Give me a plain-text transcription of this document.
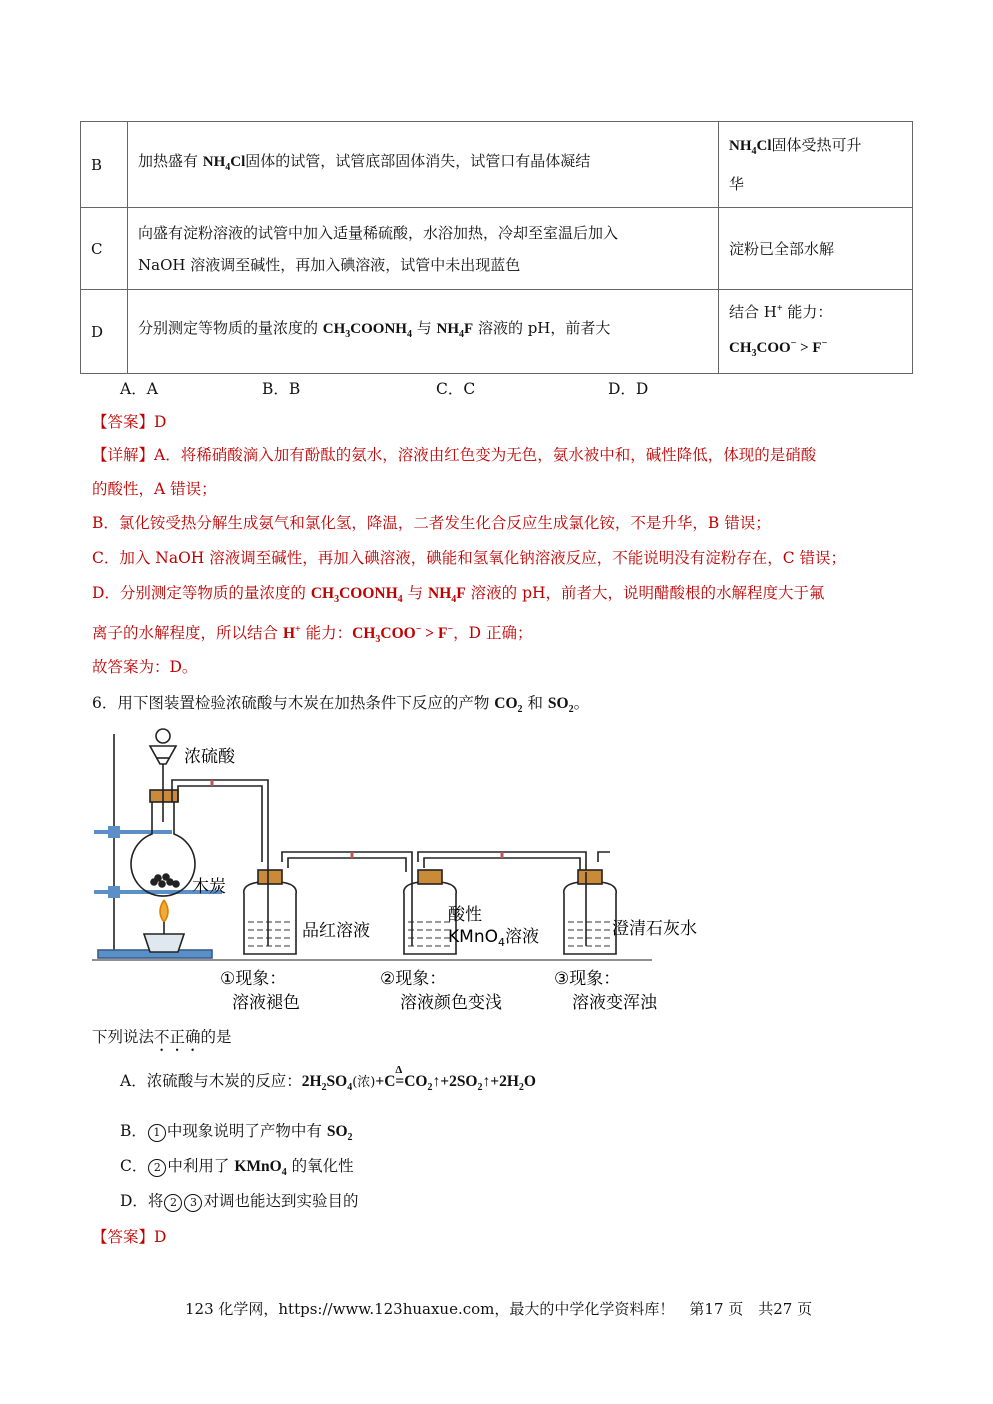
B	加热盛有 $NH_4Cl$固体的试管，试管底部固体消失，试管口有晶体凝结	$NH_4Cl$固体受热可升
华

C	向盛有淀粉溶液的试管中加入适量稀硫酸，水浴加热，冷却至室温后加入
NaOH 溶液调至碱性，再加入碘溶液，试管中未出现蓝色	淀粉已全部水解
D	分别测定等物质的量浓度的 $CH_3COONH_4$ 与 $NH_4F$ 溶液的 pH，前者大	结合 H+ 能力：
$CH_3COO^- > F^-$
A．A	B．B	C．C	D．D
【答案】D
【详解】A．将稀硝酸滴入加有酚酞的氨水，溶液由红色变为无色，氨水被中和，碱性降低，体现的是硝酸
的酸性，A 错误；
B．氯化铵受热分解生成氨气和氯化氢，降温，二者发生化合反应生成氯化铵，不是升华，B 错误；
C．加入 NaOH 溶液调至碱性，再加入碘溶液，碘能和氢氧化钠溶液反应，不能说明没有淀粉存在，C 错误；
D．分别测定等物质的量浓度的 $CH_3COONH_4$ 与 $NH_4F$ 溶液的 pH，前者大，说明醋酸根的水解程度大于氟
离子的水解程度，所以结合 H+ 能力：$CH_3COO^- > F^-$，D 正确；
故答案为：D。
6．用下图装置检验浓硫酸与木炭在加热条件下反应的产物 $CO_2$ 和 $SO_2$。
浓硫酸
木炭
品红溶液
酸性
KMnO$_4$溶液	澄清石灰水
①现象：
溶液褪色
②现象：
溶液颜色变浅
③现象：
溶液变浑浊
下列说法不正确的是
A．浓硫酸与木炭的反应：$2H_2SO_4$(浓)+C
Δ
$=CO_2↑+2SO_2↑+2H_2O$
B． 1 中现象说明了产物中有 $SO_2$
C． 2 中利用了 KMnO$_4$ 的氧化性
D．将 2 3 对调也能达到实验目的
【答案】D
123 化学网，https://www.123huaxue.com，最大的中学化学资料库！　第17 页　共27 页
